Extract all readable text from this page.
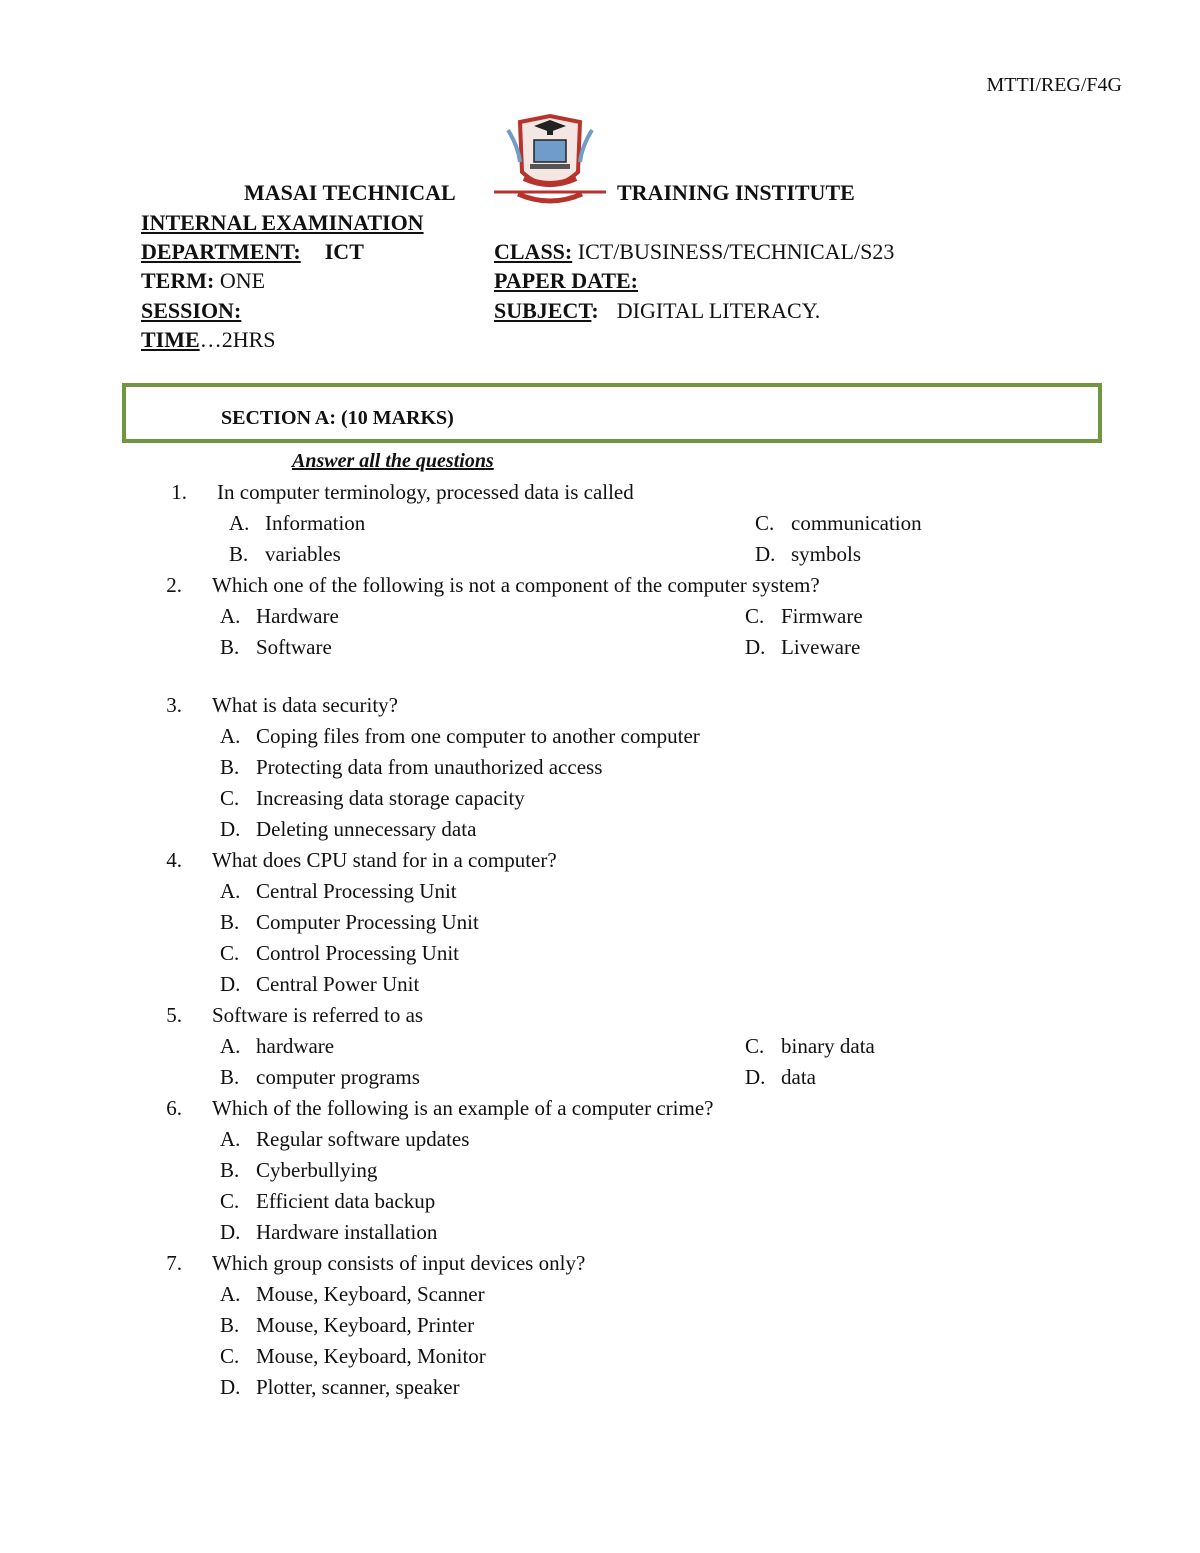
MTTI/REG/F4G
MASAI TECHNICAL	TRAINING INSTITUTE
INTERNAL EXAMINATION
DEPARTMENT: ICT
TERM: ONE
SESSION:
TIME…2HRS
CLASS: ICT/BUSINESS/TECHNICAL/S23
PAPER DATE:
SUBJECT: DIGITAL LITERACY.
SECTION A: (10 MARKS)
Answer all the questions
1. In computer terminology, processed data is called
A. Information
B. variables
C. communication
D. symbols
2. Which one of the following is not a component of the computer system?
A. Hardware
B. Software
C. Firmware
D. Liveware
3. What is data security?
A. Coping files from one computer to another computer
B. Protecting data from unauthorized access
C. Increasing data storage capacity
D. Deleting unnecessary data
4. What does CPU stand for in a computer?
A. Central Processing Unit
B. Computer Processing Unit
C. Control Processing Unit
D. Central Power Unit
5. Software is referred to as
A. hardware
B. computer programs
C. binary data
D. data
6. Which of the following is an example of a computer crime?
A. Regular software updates
B. Cyberbullying
C. Efficient data backup
D. Hardware installation
7. Which group consists of input devices only?
A. Mouse, Keyboard, Scanner
B. Mouse, Keyboard, Printer
C. Mouse, Keyboard, Monitor
D. Plotter, scanner, speaker
